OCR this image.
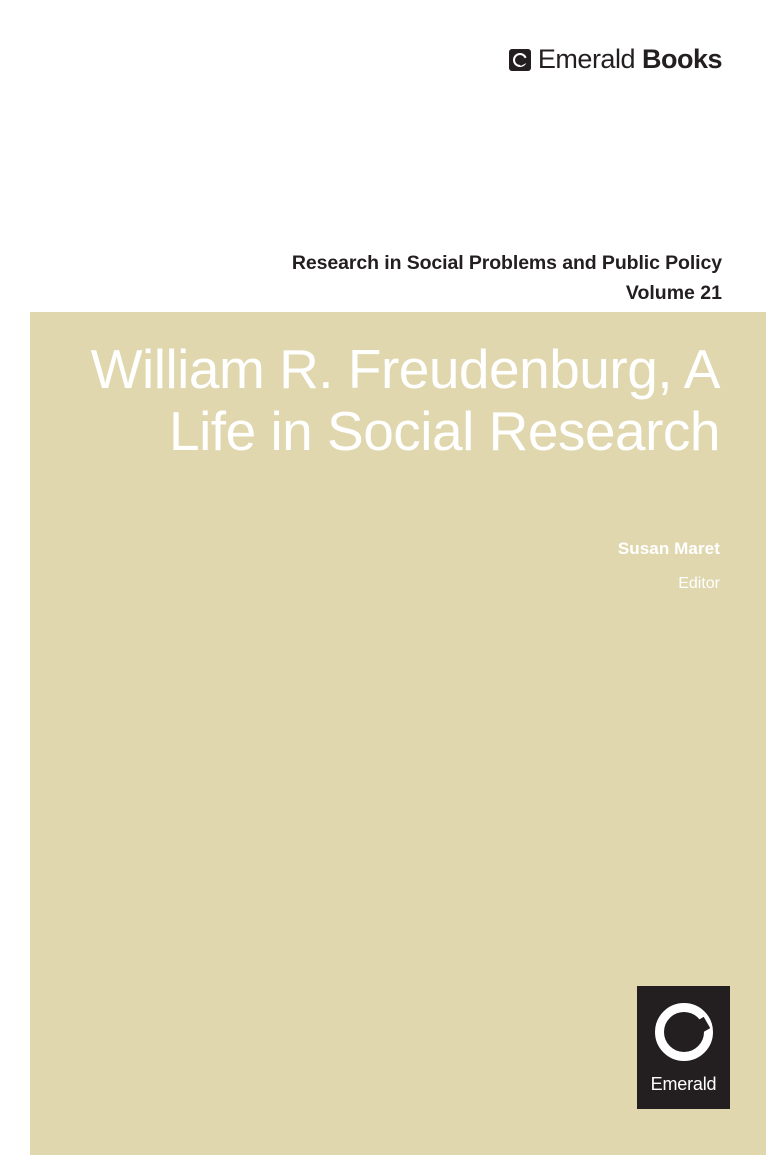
Emerald Books
Research in Social Problems and Public Policy
Volume 21
William R. Freudenburg, A Life in Social Research
Susan Maret
Editor
Emerald
